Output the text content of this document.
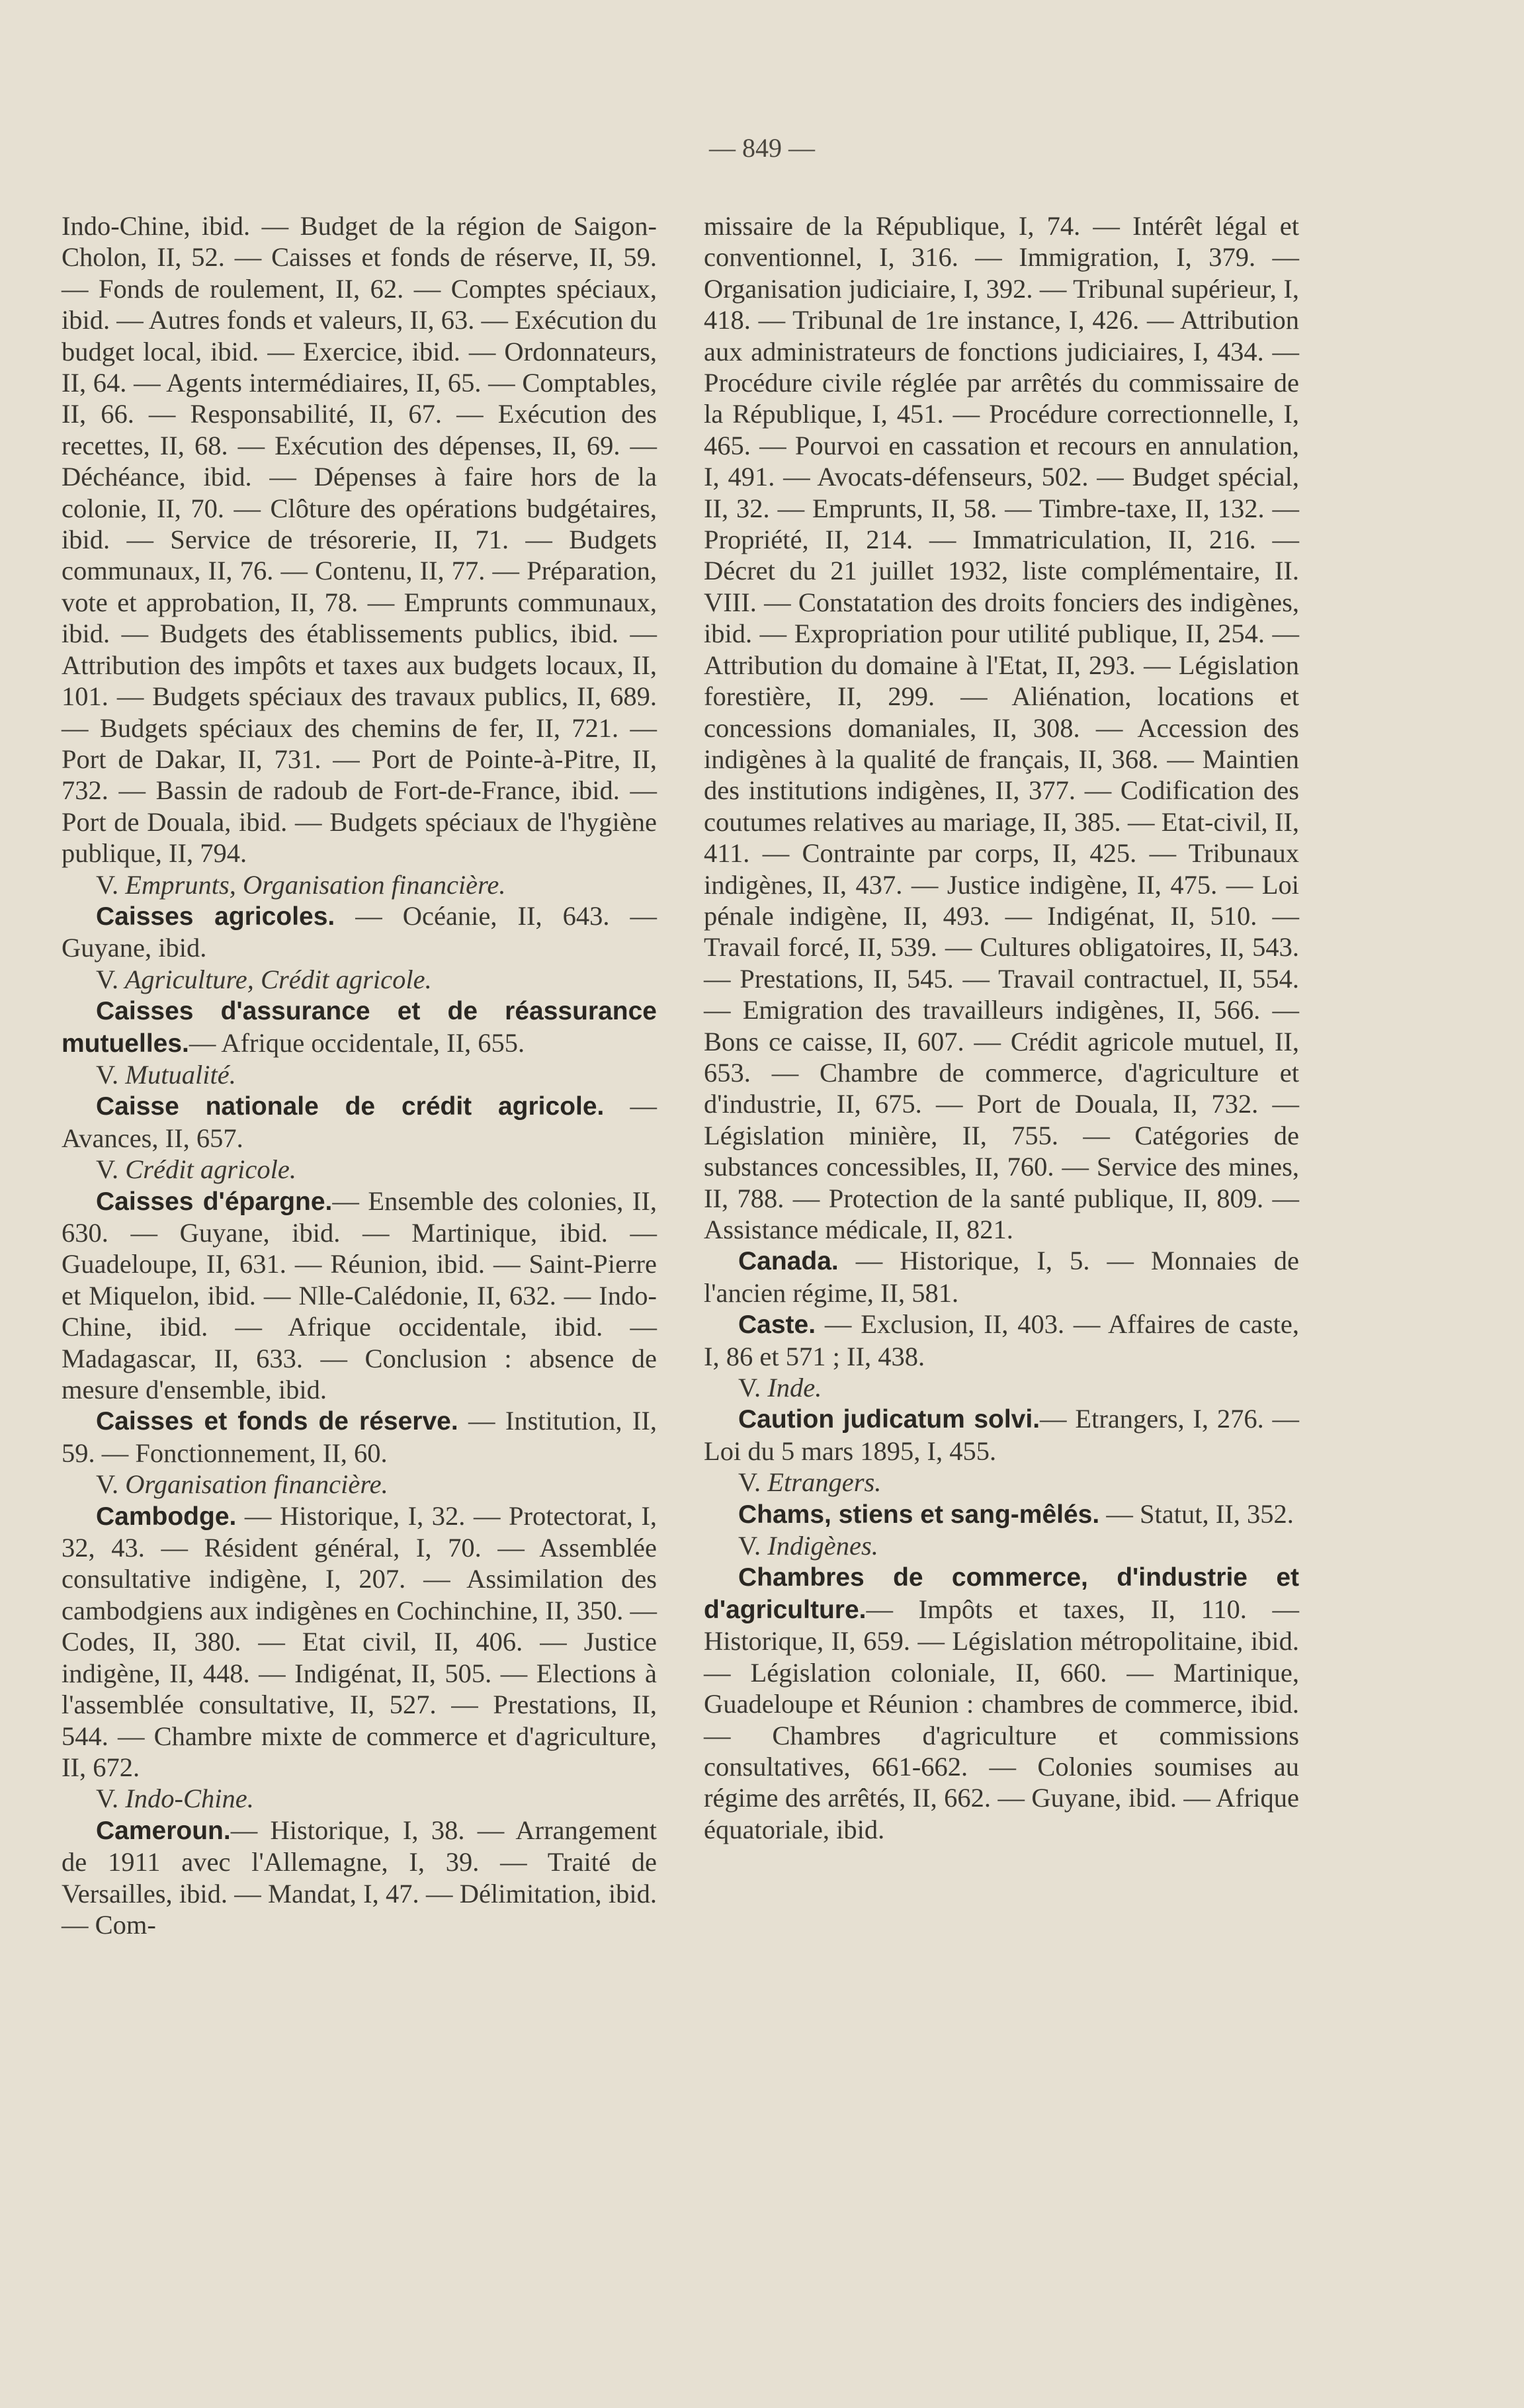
— 849 —

Indo-Chine, ibid. — Budget de la région de Saigon-Cholon, II, 52. — Caisses et fonds de réserve, II, 59. — Fonds de roulement, II, 62. — Comptes spéciaux, ibid. — Autres fonds et valeurs, II, 63. — Exécution du budget local, ibid. — Exercice, ibid. — Ordonnateurs, II, 64. — Agents intermédiaires, II, 65. — Comptables, II, 66. — Responsabilité, II, 67. — Exécution des recettes, II, 68. — Exécution des dépenses, II, 69. — Déchéance, ibid. — Dépenses à faire hors de la colonie, II, 70. — Clôture des opérations budgétaires, ibid. — Service de trésorerie, II, 71. — Budgets communaux, II, 76. — Contenu, II, 77. — Préparation, vote et approbation, II, 78. — Emprunts communaux, ibid. — Budgets des établissements publics, ibid. — Attribution des impôts et taxes aux budgets locaux, II, 101. — Budgets spéciaux des travaux publics, II, 689. — Budgets spéciaux des chemins de fer, II, 721. — Port de Dakar, II, 731. — Port de Pointe-à-Pitre, II, 732. — Bassin de radoub de Fort-de-France, ibid. — Port de Douala, ibid. — Budgets spéciaux de l'hygiène publique, II, 794.

V. Emprunts, Organisation financière.

Caisses agricoles. — Océanie, II, 643. — Guyane, ibid.

V. Agriculture, Crédit agricole.

Caisses d'assurance et de réassurance mutuelles.— Afrique occidentale, II, 655.

V. Mutualité.

Caisse nationale de crédit agricole. — Avances, II, 657.

V. Crédit agricole.

Caisses d'épargne.— Ensemble des colonies, II, 630. — Guyane, ibid. — Martinique, ibid. — Guadeloupe, II, 631. — Réunion, ibid. — Saint-Pierre et Miquelon, ibid. — Nlle-Calédonie, II, 632. — Indo-Chine, ibid. — Afrique occidentale, ibid. — Madagascar, II, 633. — Conclusion : absence de mesure d'ensemble, ibid.

Caisses et fonds de réserve. — Institution, II, 59. — Fonctionnement, II, 60.

V. Organisation financière.

Cambodge. — Historique, I, 32. — Protectorat, I, 32, 43. — Résident général, I, 70. — Assemblée consultative indigène, I, 207. — Assimilation des cambodgiens aux indigènes en Cochinchine, II, 350. — Codes, II, 380. — Etat civil, II, 406. — Justice indigène, II, 448. — Indigénat, II, 505. — Elections à l'assemblée consultative, II, 527. — Prestations, II, 544. — Chambre mixte de commerce et d'agriculture, II, 672.

V. Indo-Chine.

Cameroun.— Historique, I, 38. — Arrangement de 1911 avec l'Allemagne, I, 39. — Traité de Versailles, ibid. — Mandat, I, 47. — Délimitation, ibid. — Com-

missaire de la République, I, 74. — Intérêt légal et conventionnel, I, 316. — Immigration, I, 379. — Organisation judiciaire, I, 392. — Tribunal supérieur, I, 418. — Tribunal de 1re instance, I, 426. — Attribution aux administrateurs de fonctions judiciaires, I, 434. — Procédure civile réglée par arrêtés du commissaire de la République, I, 451. — Procédure correctionnelle, I, 465. — Pourvoi en cassation et recours en annulation, I, 491. — Avocats-défenseurs, 502. — Budget spécial, II, 32. — Emprunts, II, 58. — Timbre-taxe, II, 132. — Propriété, II, 214. — Immatriculation, II, 216. — Décret du 21 juillet 1932, liste complémentaire, II. VIII. — Constatation des droits fonciers des indigènes, ibid. — Expropriation pour utilité publique, II, 254. — Attribution du domaine à l'Etat, II, 293. — Législation forestière, II, 299. — Aliénation, locations et concessions domaniales, II, 308. — Accession des indigènes à la qualité de français, II, 368. — Maintien des institutions indigènes, II, 377. — Codification des coutumes relatives au mariage, II, 385. — Etat-civil, II, 411. — Contrainte par corps, II, 425. — Tribunaux indigènes, II, 437. — Justice indigène, II, 475. — Loi pénale indigène, II, 493. — Indigénat, II, 510. — Travail forcé, II, 539. — Cultures obligatoires, II, 543. — Prestations, II, 545. — Travail contractuel, II, 554. — Emigration des travailleurs indigènes, II, 566. — Bons ce caisse, II, 607. — Crédit agricole mutuel, II, 653. — Chambre de commerce, d'agriculture et d'industrie, II, 675. — Port de Douala, II, 732. — Législation minière, II, 755. — Catégories de substances concessibles, II, 760. — Service des mines, II, 788. — Protection de la santé publique, II, 809. — Assistance médicale, II, 821.

Canada. — Historique, I, 5. — Monnaies de l'ancien régime, II, 581.

Caste. — Exclusion, II, 403. — Affaires de caste, I, 86 et 571 ; II, 438.

V. Inde.

Caution judicatum solvi.— Etrangers, I, 276. — Loi du 5 mars 1895, I, 455.

V. Etrangers.

Chams, stiens et sang-mêlés. — Statut, II, 352.

V. Indigènes.

Chambres de commerce, d'industrie et d'agriculture.— Impôts et taxes, II, 110. — Historique, II, 659. — Législation métropolitaine, ibid. — Législation coloniale, II, 660. — Martinique, Guadeloupe et Réunion : chambres de commerce, ibid. — Chambres d'agriculture et commissions consultatives, 661-662. — Colonies soumises au régime des arrêtés, II, 662. — Guyane, ibid. — Afrique équatoriale, ibid.
